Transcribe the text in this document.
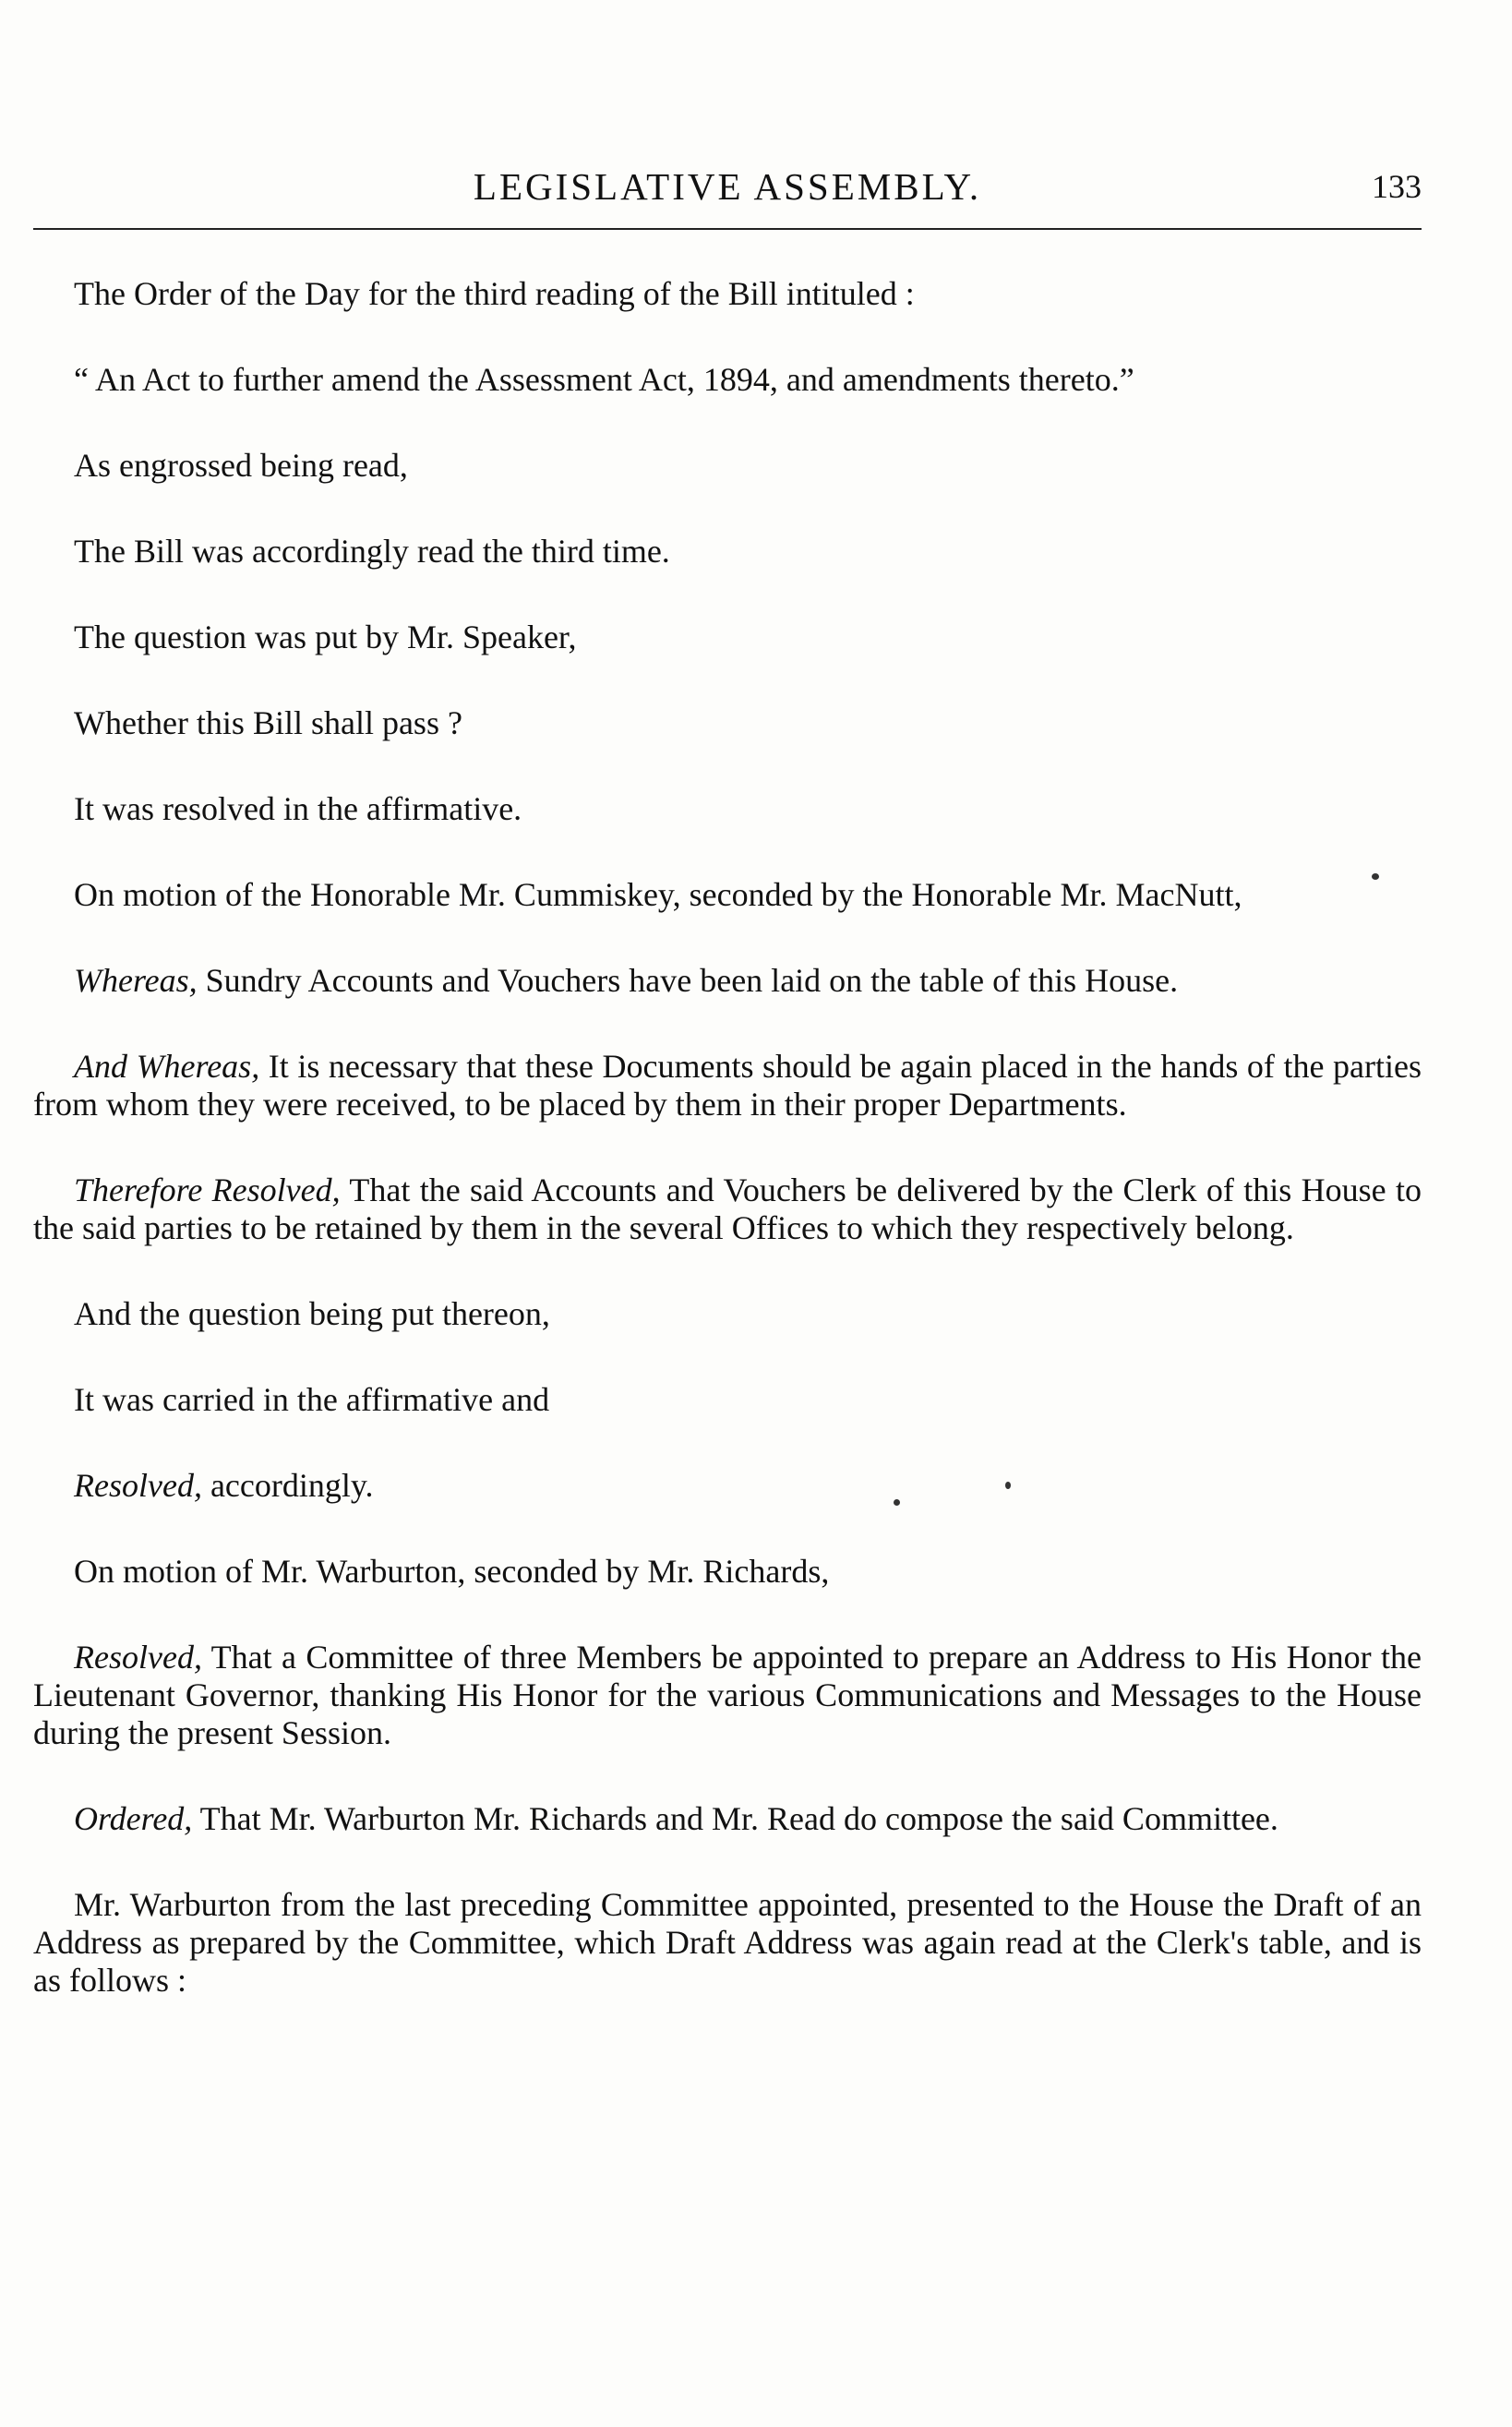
LEGISLATIVE ASSEMBLY.	133

The Order of the Day for the third reading of the Bill intituled :

“ An Act to further amend the Assessment Act, 1894, and amendments thereto.”

As engrossed being read,

The Bill was accordingly read the third time.

The question was put by Mr. Speaker,

Whether this Bill shall pass ?

It was resolved in the affirmative.

On motion of the Honorable Mr. Cummiskey, seconded by the Honorable Mr. MacNutt,

Whereas, Sundry Accounts and Vouchers have been laid on the table of this House.

And Whereas, It is necessary that these Documents should be again placed in the hands of the parties from whom they were received, to be placed by them in their proper Departments.

Therefore Resolved, That the said Accounts and Vouchers be delivered by the Clerk of this House to the said parties to be retained by them in the several Offices to which they respectively belong.

And the question being put thereon,

It was carried in the affirmative and

Resolved, accordingly.

On motion of Mr. Warburton, seconded by Mr. Richards,

Resolved, That a Committee of three Members be appointed to prepare an Address to His Honor the Lieutenant Governor, thanking His Honor for the various Communications and Messages to the House during the present Session.

Ordered, That Mr. Warburton Mr. Richards and Mr. Read do compose the said Committee.

Mr. Warburton from the last preceding Committee appointed, presented to the House the Draft of an Address as prepared by the Committee, which Draft Address was again read at the Clerk's table, and is as follows :
